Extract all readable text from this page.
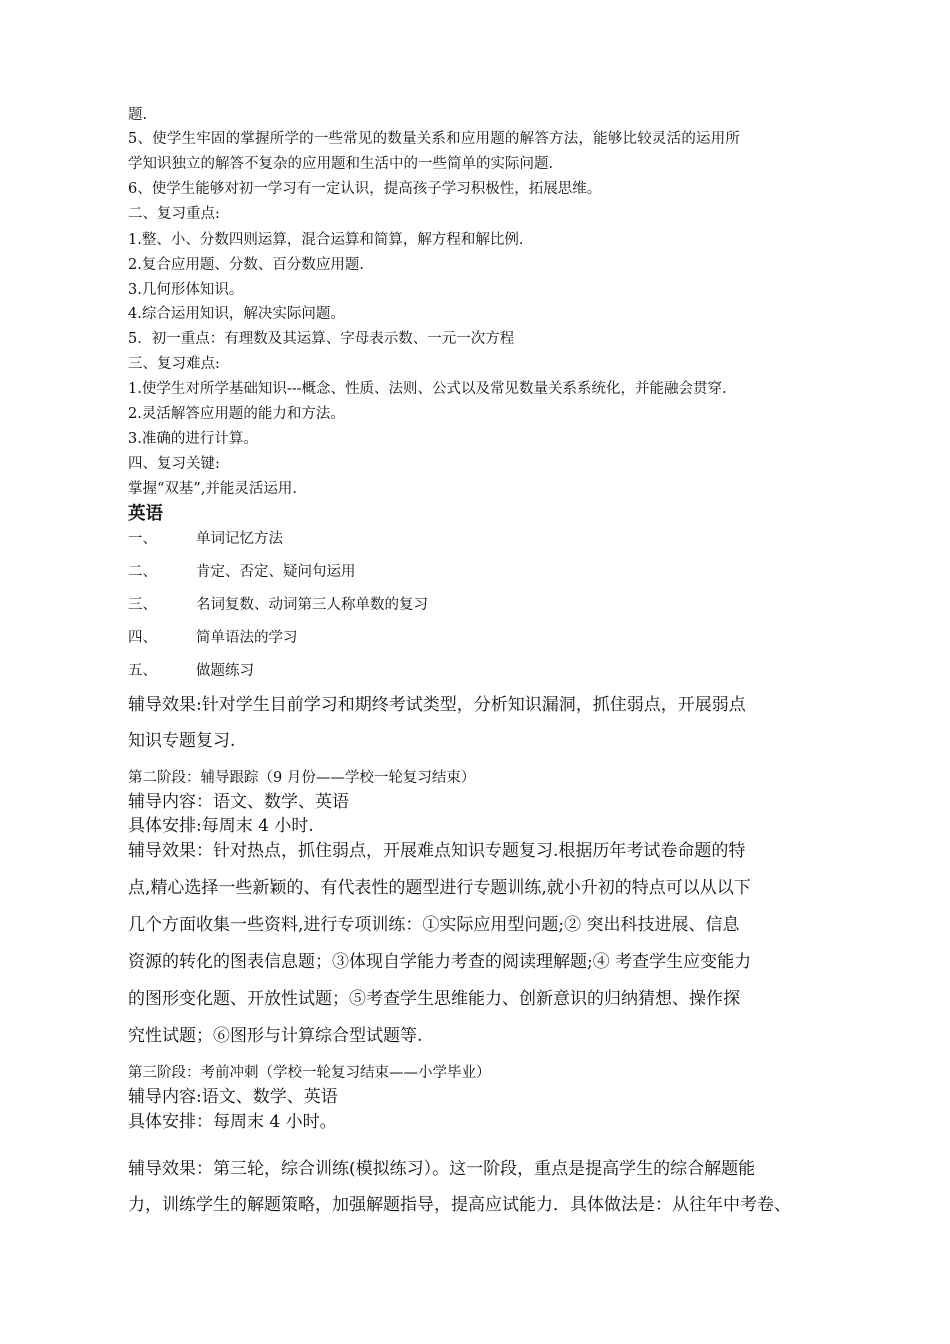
题.
5、使学生牢固的掌握所学的一些常见的数量关系和应用题的解答方法，能够比较灵活的运用所
学知识独立的解答不复杂的应用题和生活中的一些简单的实际问题.
6、使学生能够对初一学习有一定认识，提高孩子学习积极性，拓展思维。
二、复习重点:
1.整、小、分数四则运算，混合运算和简算，解方程和解比例.
2.复合应用题、分数、百分数应用题.
3.几何形体知识。
4.综合运用知识，解决实际问题。
5．初一重点：有理数及其运算、字母表示数、一元一次方程
三、复习难点:
1.使学生对所学基础知识---概念、性质、法则、公式以及常见数量关系系统化，并能融会贯穿.
2.灵活解答应用题的能力和方法。
3.准确的进行计算。
四、复习关键:
掌握“双基”,并能灵活运用.
英语
一、	单词记忆方法
二、	肯定、否定、疑问句运用
三、	名词复数、动词第三人称单数的复习
四、	简单语法的学习
五、	做题练习
辅导效果:针对学生目前学习和期终考试类型，分析知识漏洞，抓住弱点，开展弱点
知识专题复习.
第二阶段：辅导跟踪（9 月份——学校一轮复习结束）
辅导内容：语文、数学、英语
具体安排:每周末 4 小时.
辅导效果：针对热点，抓住弱点，开展难点知识专题复习.根据历年考试卷命题的特
点,精心选择一些新颖的、有代表性的题型进行专题训练,就小升初的特点可以从以下
几个方面收集一些资料,进行专项训练：①实际应用型问题;② 突出科技进展、信息
资源的转化的图表信息题；③体现自学能力考查的阅读理解题;④ 考查学生应变能力
的图形变化题、开放性试题；⑤考查学生思维能力、创新意识的归纳猜想、操作探
究性试题；⑥图形与计算综合型试题等.
第三阶段：考前冲刺（学校一轮复习结束——小学毕业）
辅导内容:语文、数学、英语
具体安排：每周末 4 小时。
辅导效果：第三轮，综合训练(模拟练习）。这一阶段，重点是提高学生的综合解题能
力，训练学生的解题策略，加强解题指导，提高应试能力．具体做法是：从往年中考卷、
